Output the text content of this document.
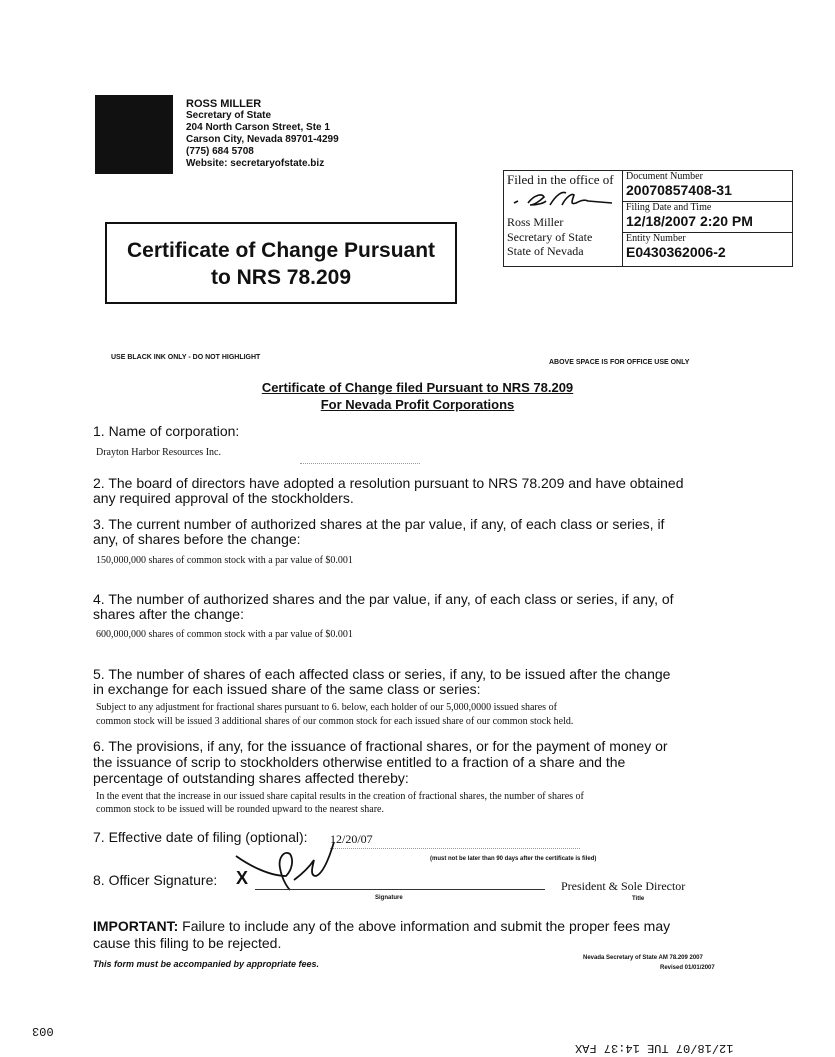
ROSS MILLER
Secretary of State
204 North Carson Street, Ste 1
Carson City, Nevada 89701-4299
(775) 684 5708
Website: secretaryofstate.biz
Certificate of Change Pursuant
to NRS 78.209
Filed in the office of
Ross Miller
Secretary of State
State of Nevada
Document Number
20070857408-31
Filing Date and Time
12/18/2007 2:20 PM
Entity Number
E0430362006-2
USE BLACK INK ONLY - DO NOT HIGHLIGHT
ABOVE SPACE IS FOR OFFICE USE ONLY
Certificate of Change filed Pursuant to NRS 78.209
For Nevada Profit Corporations
1. Name of corporation:
Drayton Harbor Resources Inc.
2. The board of directors have adopted a resolution pursuant to NRS 78.209 and have obtained
any required approval of the stockholders.
3. The current number of authorized shares at the par value, if any, of each class or series, if
any, of shares before the change:
150,000,000 shares of common stock with a par value of $0.001
4. The number of authorized shares and the par value, if any, of each class or series, if any, of
shares after the change:
600,000,000 shares of common stock with a par value of $0.001
5. The number of shares of each affected class or series, if any, to be issued after the change
in exchange for each issued share of the same class or series:
Subject to any adjustment for fractional shares pursuant to 6. below, each holder of our 5,000,0000 issued shares of
common stock will be issued 3 additional shares of our common stock for each issued share of our common stock held.
6. The provisions, if any, for the issuance of fractional shares, or for the payment of money or
the issuance of scrip to stockholders otherwise entitled to a fraction of a share and the
percentage of outstanding shares affected thereby:
In the event that the increase in our issued share capital results in the creation of fractional shares, the number of shares of
common stock to be issued will be rounded upward to the nearest share.
7. Effective date of filing (optional): 12/20/07
(must not be later than 90 days after the certificate is filed)
8. Officer Signature: X
Signature
President & Sole Director
Title
IMPORTANT: Failure to include any of the above information and submit the proper fees may
cause this filing to be rejected.
This form must be accompanied by appropriate fees.
Nevada Secretary of State AM 78.209 2007
Revised 01/01/2007
003
12/18/07 TUE 14:37 FAX
